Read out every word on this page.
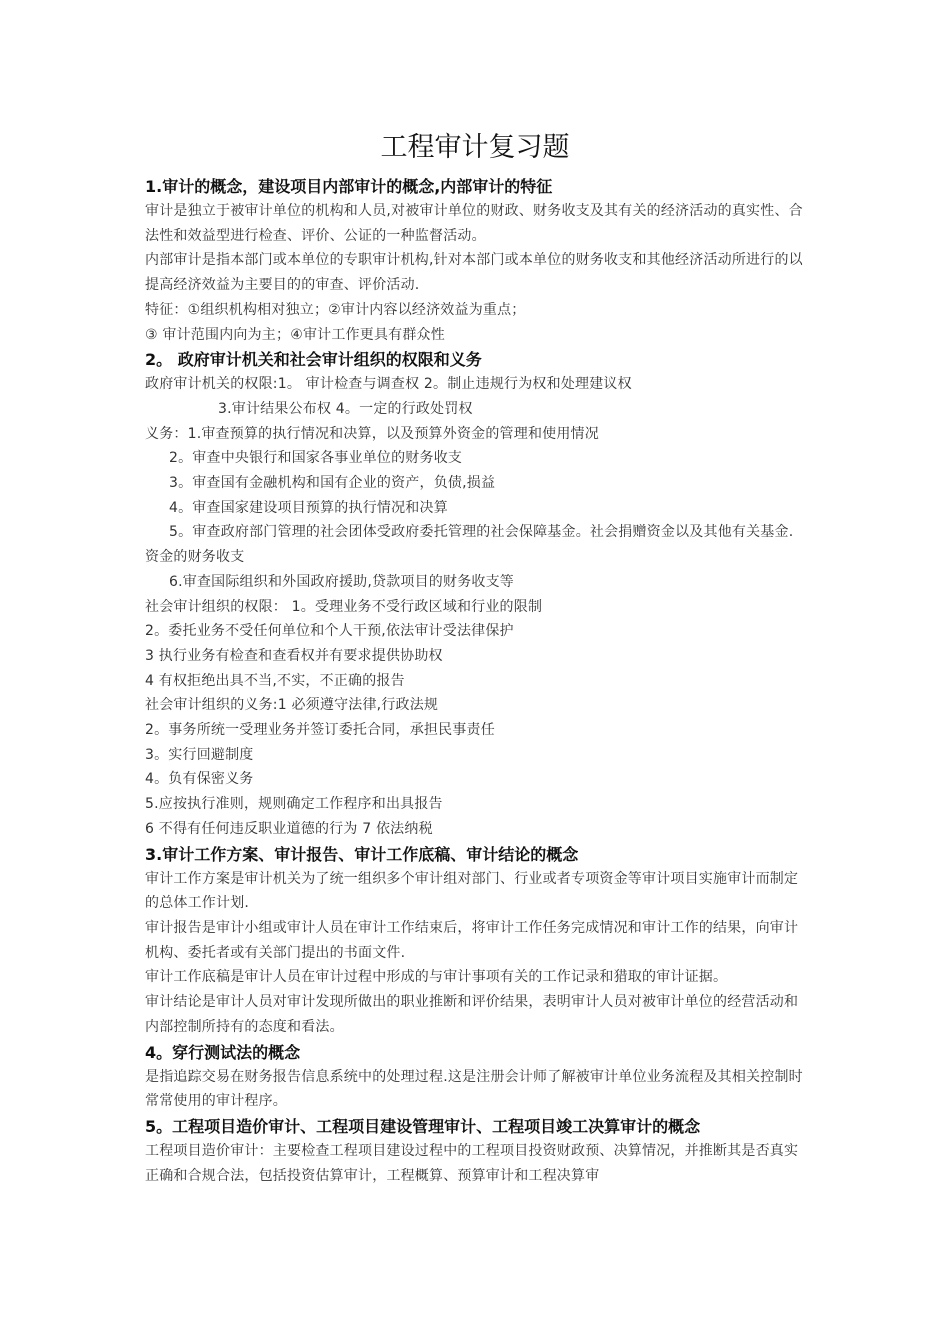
工程审计复习题
1.审计的概念，建设项目内部审计的概念,内部审计的特征
审计是独立于被审计单位的机构和人员,对被审计单位的财政、财务收支及其有关的经济活动的真实性、合法性和效益型进行检查、评价、公证的一种监督活动。
内部审计是指本部门或本单位的专职审计机构,针对本部门或本单位的财务收支和其他经济活动所进行的以提高经济效益为主要目的的审查、评价活动.
特征：①组织机构相对独立；②审计内容以经济效益为重点；
③ 审计范围内向为主；④审计工作更具有群众性
2。 政府审计机关和社会审计组织的权限和义务
政府审计机关的权限:1。 审计检查与调查权 2。制止违规行为权和处理建议权
3.审计结果公布权 4。一定的行政处罚权
义务：1.审查预算的执行情况和决算，以及预算外资金的管理和使用情况
2。审查中央银行和国家各事业单位的财务收支
3。审查国有金融机构和国有企业的资产，负债,损益
4。审查国家建设项目预算的执行情况和决算
5。审查政府部门管理的社会团体受政府委托管理的社会保障基金。社会捐赠资金以及其他有关基金.资金的财务收支
6.审查国际组织和外国政府援助,贷款项目的财务收支等
社会审计组织的权限： 1。受理业务不受行政区域和行业的限制
2。委托业务不受任何单位和个人干预,依法审计受法律保护
3 执行业务有检查和查看权并有要求提供协助权
4 有权拒绝出具不当,不实，不正确的报告
社会审计组织的义务:1 必须遵守法律,行政法规
2。事务所统一受理业务并签订委托合同，承担民事责任
3。实行回避制度
4。负有保密义务
5.应按执行准则，规则确定工作程序和出具报告
6 不得有任何违反职业道德的行为 7 依法纳税
3.审计工作方案、审计报告、审计工作底稿、审计结论的概念
审计工作方案是审计机关为了统一组织多个审计组对部门、行业或者专项资金等审计项目实施审计而制定的总体工作计划.
审计报告是审计小组或审计人员在审计工作结束后，将审计工作任务完成情况和审计工作的结果，向审计机构、委托者或有关部门提出的书面文件.
审计工作底稿是审计人员在审计过程中形成的与审计事项有关的工作记录和猎取的审计证据。
审计结论是审计人员对审计发现所做出的职业推断和评价结果，表明审计人员对被审计单位的经营活动和内部控制所持有的态度和看法。
4。穿行测试法的概念
是指追踪交易在财务报告信息系统中的处理过程.这是注册会计师了解被审计单位业务流程及其相关控制时常常使用的审计程序。
5。工程项目造价审计、工程项目建设管理审计、工程项目竣工决算审计的概念
工程项目造价审计：主要检查工程项目建设过程中的工程项目投资财政预、决算情况，并推断其是否真实正确和合规合法，包括投资估算审计，工程概算、预算审计和工程决算审
